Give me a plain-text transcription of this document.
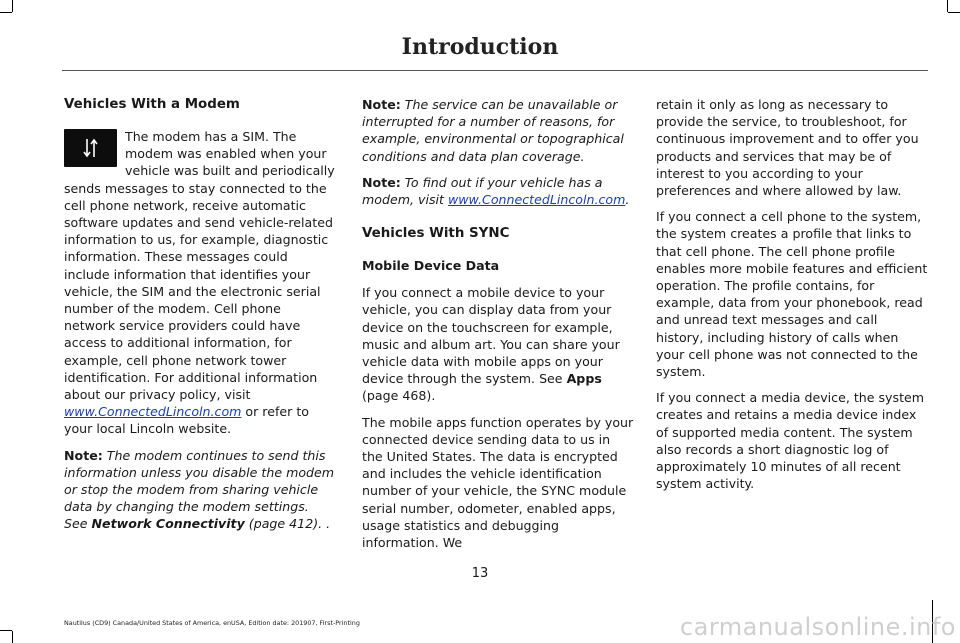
Introduction
Vehicles With a Modem

The modem has a SIM. The modem was enabled when your vehicle was built and periodically sends messages to stay connected to the cell phone network, receive automatic software updates and send vehicle-related information to us, for example, diagnostic information. These messages could include information that identifies your vehicle, the SIM and the electronic serial number of the modem. Cell phone network service providers could have access to additional information, for example, cell phone network tower identification. For additional information about our privacy policy, visit www.ConnectedLincoln.com or refer to your local Lincoln website.

Note: The modem continues to send this information unless you disable the modem or stop the modem from sharing vehicle data by changing the modem settings. See Network Connectivity (page 412). .

Note: The service can be unavailable or interrupted for a number of reasons, for example, environmental or topographical conditions and data plan coverage.

Note: To find out if your vehicle has a modem, visit www.ConnectedLincoln.com.

Vehicles With SYNC
Mobile Device Data

If you connect a mobile device to your vehicle, you can display data from your device on the touchscreen for example, music and album art. You can share your vehicle data with mobile apps on your device through the system. See Apps (page 468).

The mobile apps function operates by your connected device sending data to us in the United States. The data is encrypted and includes the vehicle identification number of your vehicle, the SYNC module serial number, odometer, enabled apps, usage statistics and debugging information. We

retain it only as long as necessary to provide the service, to troubleshoot, for continuous improvement and to offer you products and services that may be of interest to you according to your preferences and where allowed by law.

If you connect a cell phone to the system, the system creates a profile that links to that cell phone. The cell phone profile enables more mobile features and efficient operation. The profile contains, for example, data from your phonebook, read and unread text messages and call history, including history of calls when your cell phone was not connected to the system.

If you connect a media device, the system creates and retains a media device index of supported media content. The system also records a short diagnostic log of approximately 10 minutes of all recent system activity.

13
Nautilus (CD9) Canada/United States of America, enUSA, Edition date: 201907, First-Printing	carmanualsonline.info
